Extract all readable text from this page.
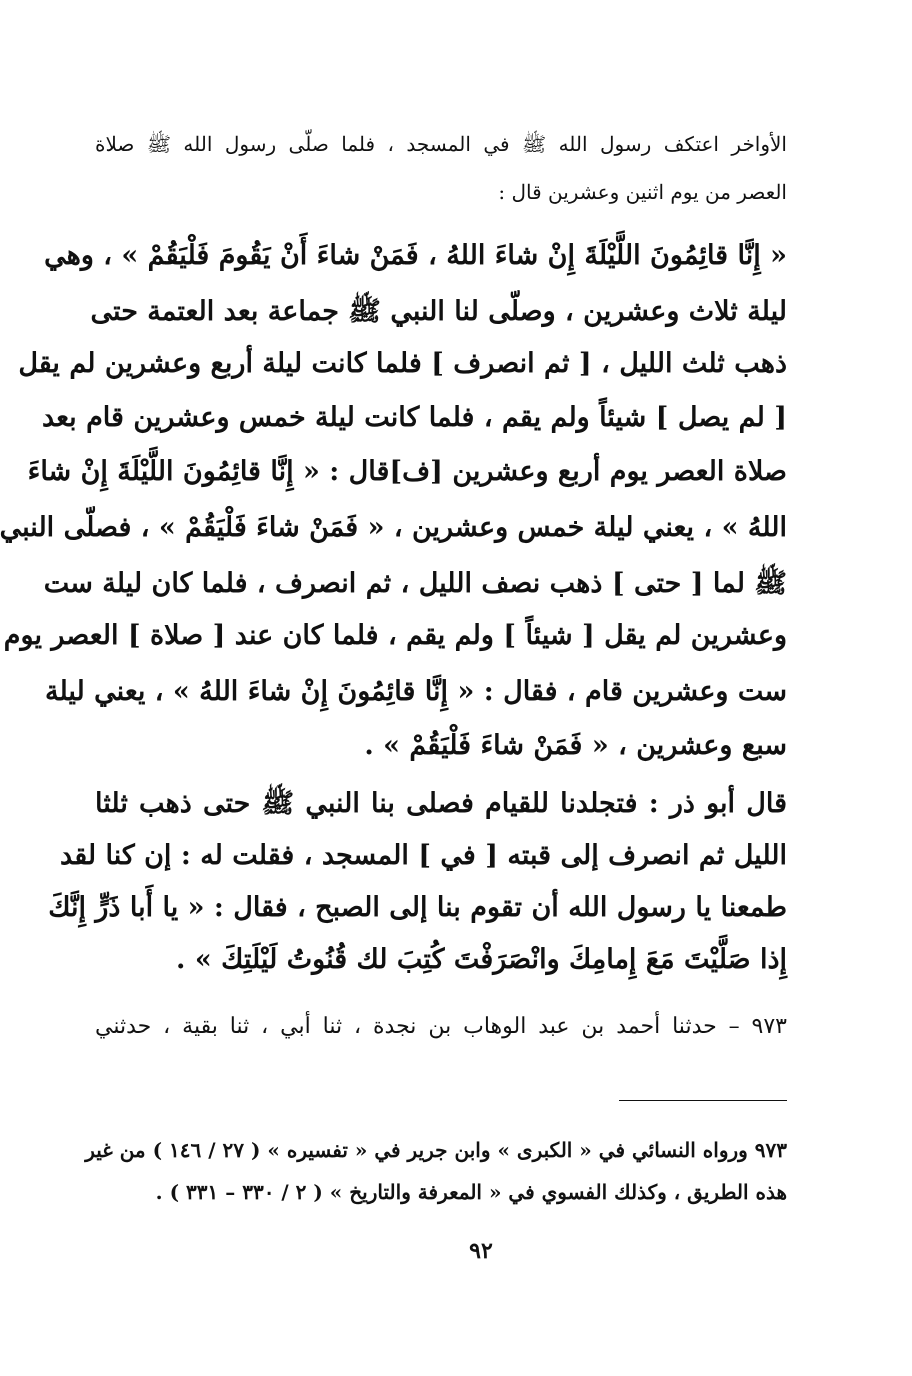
الأواخر اعتكف رسول الله ﷺ في المسجد ، فلما صلّى رسول الله ﷺ صلاة
العصر من يوم اثنين وعشرين قال :
« إِنَّا قائِمُونَ اللَّيْلَةَ إِنْ شاءَ اللهُ ، فَمَنْ شاءَ أَنْ يَقُومَ فَلْيَقُمْ » ، وهي
ليلة ثلاث وعشرين ، وصلّى لنا النبي ﷺ جماعة بعد العتمة حتى
ذهب ثلث الليل ، [ ثم انصرف ] فلما كانت ليلة أربع وعشرين لم يقل
[ لم يصل ] شيئاً ولم يقم ، فلما كانت ليلة خمس وعشرين قام بعد
صلاة العصر يوم أربع وعشرين [ف]قال : « إِنَّا قائِمُونَ اللَّيْلَةَ إِنْ شاءَ
اللهُ » ، يعني ليلة خمس وعشرين ، « فَمَنْ شاءَ فَلْيَقُمْ » ، فصلّى النبي
ﷺ لما [ حتى ] ذهب نصف الليل ، ثم انصرف ، فلما كان ليلة ست
وعشرين لم يقل [ شيئاً ] ولم يقم ، فلما كان عند [ صلاة ] العصر يوم
ست وعشرين قام ، فقال : « إِنَّا قائِمُونَ إِنْ شاءَ اللهُ » ، يعني ليلة
سبع وعشرين ، « فَمَنْ شاءَ فَلْيَقُمْ » .
قال أبو ذر : فتجلدنا للقيام فصلى بنا النبي ﷺ حتى ذهب ثلثا
الليل ثم انصرف إلى قبته [ في ] المسجد ، فقلت له : إن كنا لقد
طمعنا يا رسول الله أن تقوم بنا إلى الصبح ، فقال : « يا أَبا ذَرٍّ إِنَّكَ
إِذا صَلَّيْتَ مَعَ إِمامِكَ وانْصَرَفْتَ كُتِبَ لك قُنُوتُ لَيْلَتِكَ » .
٩٧٣ – حدثنا أحمد بن عبد الوهاب بن نجدة ، ثنا أبي ، ثنا بقية ، حدثني
٩٧٣ ورواه النسائي في « الكبرى » وابن جرير في « تفسيره » ( ٢٧ / ١٤٦ ) من غير
هذه الطريق ، وكذلك الفسوي في « المعرفة والتاريخ » ( ٢ / ٣٣٠ – ٣٣١ ) .
٩٢
